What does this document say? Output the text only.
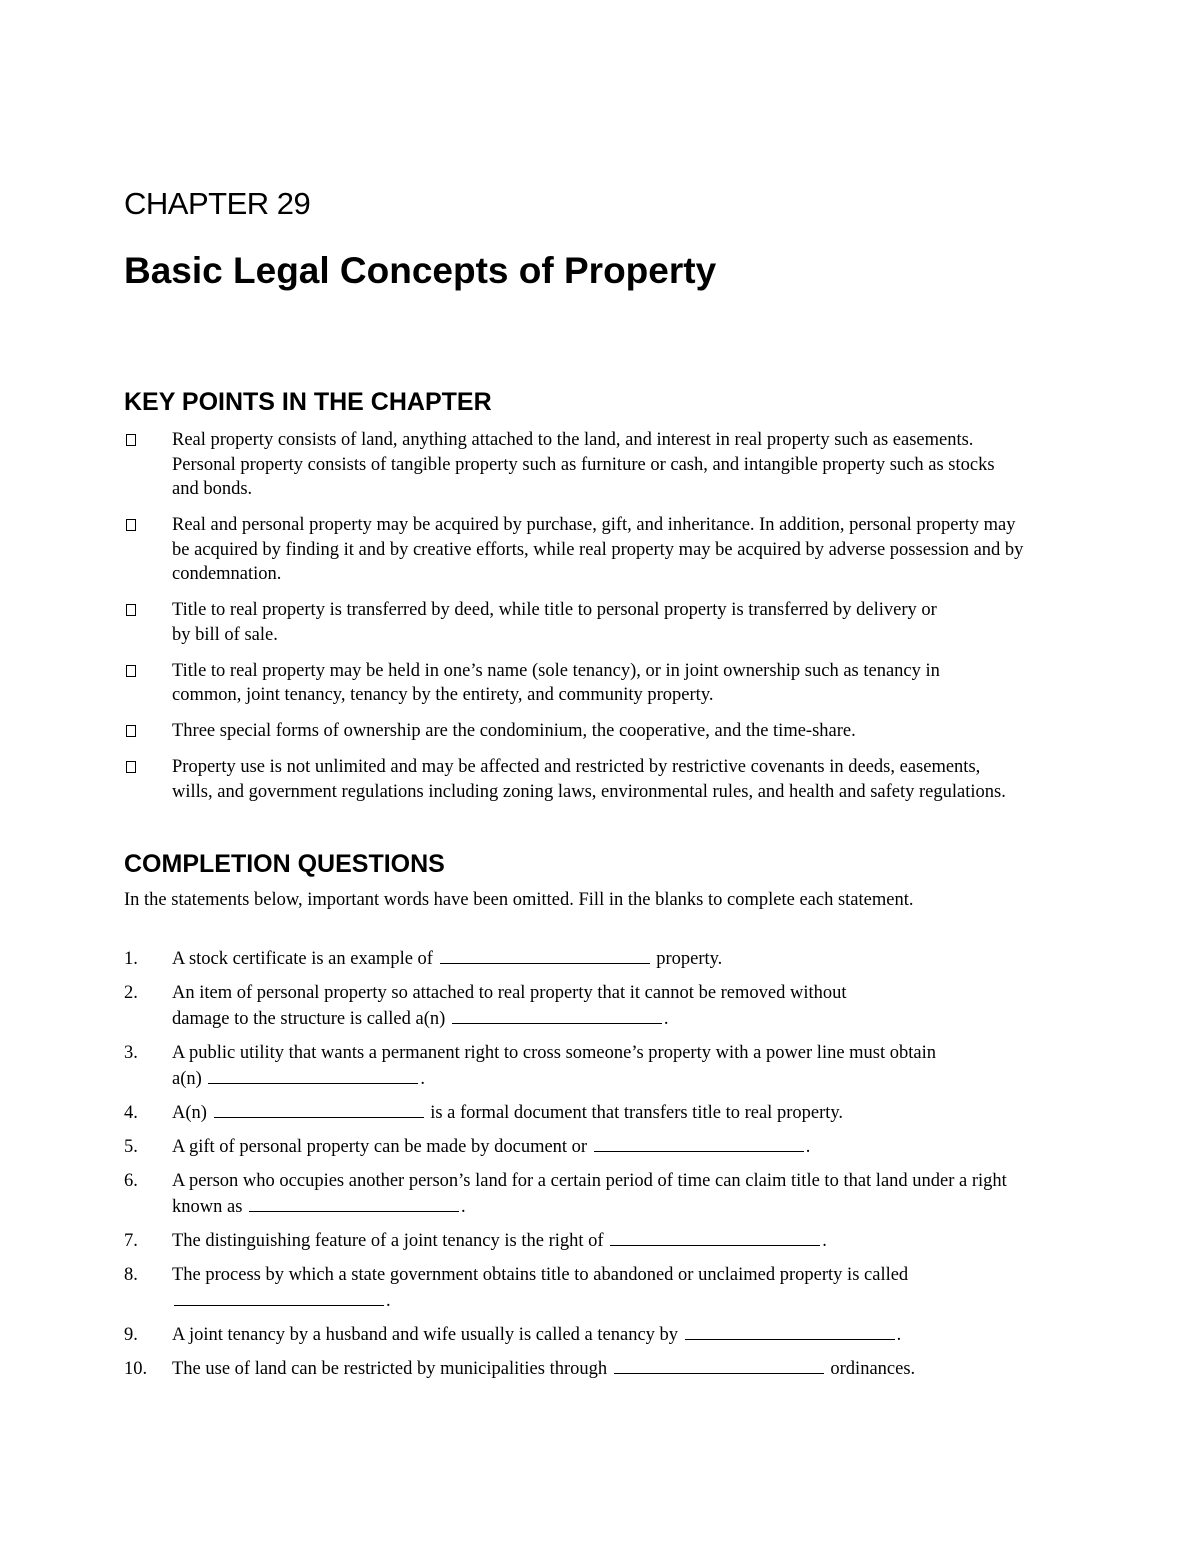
CHAPTER 29
Basic Legal Concepts of Property
KEY POINTS IN THE CHAPTER
Real property consists of land, anything attached to the land, and interest in real property such as easements. Personal property consists of tangible property such as furniture or cash, and intangible property such as stocks and bonds.
Real and personal property may be acquired by purchase, gift, and inheritance. In addition, personal property may be acquired by finding it and by creative efforts, while real property may be acquired by adverse possession and by condemnation.
Title to real property is transferred by deed, while title to personal property is transferred by delivery or by bill of sale.
Title to real property may be held in one’s name (sole tenancy), or in joint ownership such as tenancy in common, joint tenancy, tenancy by the entirety, and community property.
Three special forms of ownership are the condominium, the cooperative, and the time-share.
Property use is not unlimited and may be affected and restricted by restrictive covenants in deeds, easements, wills, and government regulations including zoning laws, environmental rules, and health and safety regulations.
COMPLETION QUESTIONS
In the statements below, important words have been omitted. Fill in the blanks to complete each statement.
1.	A stock certificate is an example of	property.
2.	An item of personal property so attached to real property that it cannot be removed without damage to the structure is called a(n)	.
3.	A public utility that wants a permanent right to cross someone’s property with a power line must obtain a(n)	.
4.	A(n)	is a formal document that transfers title to real property.
5.	A gift of personal property can be made by document or	.
6.	A person who occupies another person’s land for a certain period of time can claim title to that land under a right known as	.
7.	The distinguishing feature of a joint tenancy is the right of	.
8.	The process by which a state government obtains title to abandoned or unclaimed property is called .
9.	A joint tenancy by a husband and wife usually is called a tenancy by	.
10.	The use of land can be restricted by municipalities through	ordinances.
